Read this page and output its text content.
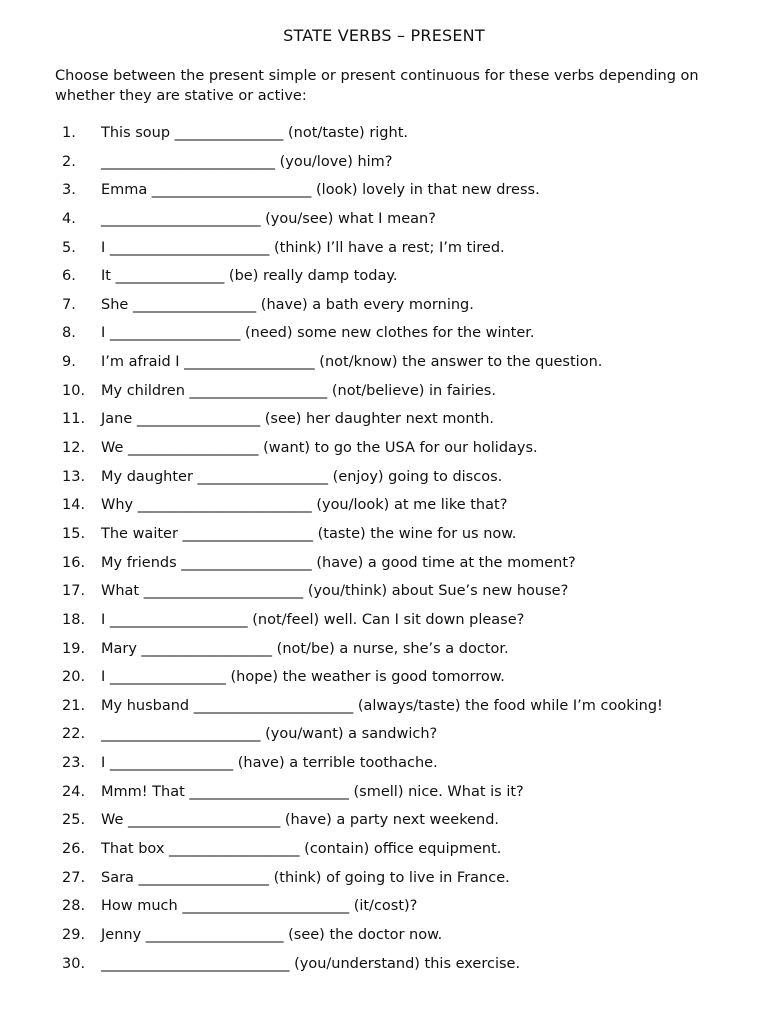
STATE VERBS – PRESENT
Choose between the present simple or present continuous for these verbs depending on whether they are stative or active:
1. This soup _______________ (not/taste) right.
2. ________________________ (you/love) him?
3. Emma ______________________ (look) lovely in that new dress.
4. ______________________ (you/see) what I mean?
5. I ______________________ (think) I’ll have a rest; I’m tired.
6. It _______________ (be) really damp today.
7. She _________________ (have) a bath every morning.
8. I __________________ (need) some new clothes for the winter.
9. I’m afraid I __________________ (not/know) the answer to the question.
10. My children ___________________ (not/believe) in fairies.
11. Jane _________________ (see) her daughter next month.
12. We __________________ (want) to go the USA for our holidays.
13. My daughter __________________ (enjoy) going to discos.
14. Why ________________________ (you/look) at me like that?
15. The waiter __________________ (taste) the wine for us now.
16. My friends __________________ (have) a good time at the moment?
17. What ______________________ (you/think) about Sue’s new house?
18. I ___________________ (not/feel) well. Can I sit down please?
19. Mary __________________ (not/be) a nurse, she’s a doctor.
20. I ________________ (hope) the weather is good tomorrow.
21. My husband ______________________ (always/taste) the food while I’m cooking!
22. ______________________ (you/want) a sandwich?
23. I _________________ (have) a terrible toothache.
24. Mmm! That ______________________ (smell) nice. What is it?
25. We _____________________ (have) a party next weekend.
26. That box __________________ (contain) office equipment.
27. Sara __________________ (think) of going to live in France.
28. How much _______________________ (it/cost)?
29. Jenny ___________________ (see) the doctor now.
30. __________________________ (you/understand) this exercise.
